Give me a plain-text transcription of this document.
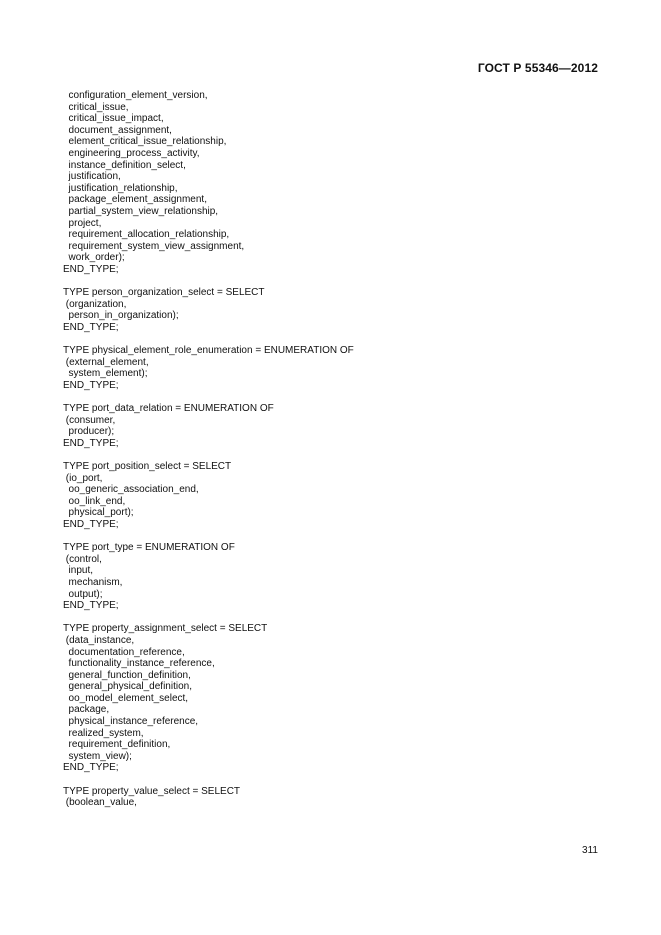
ГОСТ Р 55346—2012
configuration_element_version,
critical_issue,
critical_issue_impact,
document_assignment,
element_critical_issue_relationship,
engineering_process_activity,
instance_definition_select,
justification,
justification_relationship,
package_element_assignment,
partial_system_view_relationship,
project,
requirement_allocation_relationship,
requirement_system_view_assignment,
work_order);
END_TYPE;
TYPE person_organization_select = SELECT
(organization,
person_in_organization);
END_TYPE;
TYPE physical_element_role_enumeration = ENUMERATION OF
(external_element,
system_element);
END_TYPE;
TYPE port_data_relation = ENUMERATION OF
(consumer,
producer);
END_TYPE;
TYPE port_position_select = SELECT
(io_port,
oo_generic_association_end,
oo_link_end,
physical_port);
END_TYPE;
TYPE port_type = ENUMERATION OF
(control,
input,
mechanism,
output);
END_TYPE;
TYPE property_assignment_select = SELECT
(data_instance,
documentation_reference,
functionality_instance_reference,
general_function_definition,
general_physical_definition,
oo_model_element_select,
package,
physical_instance_reference,
realized_system,
requirement_definition,
system_view);
END_TYPE;
TYPE property_value_select = SELECT
(boolean_value,
311
